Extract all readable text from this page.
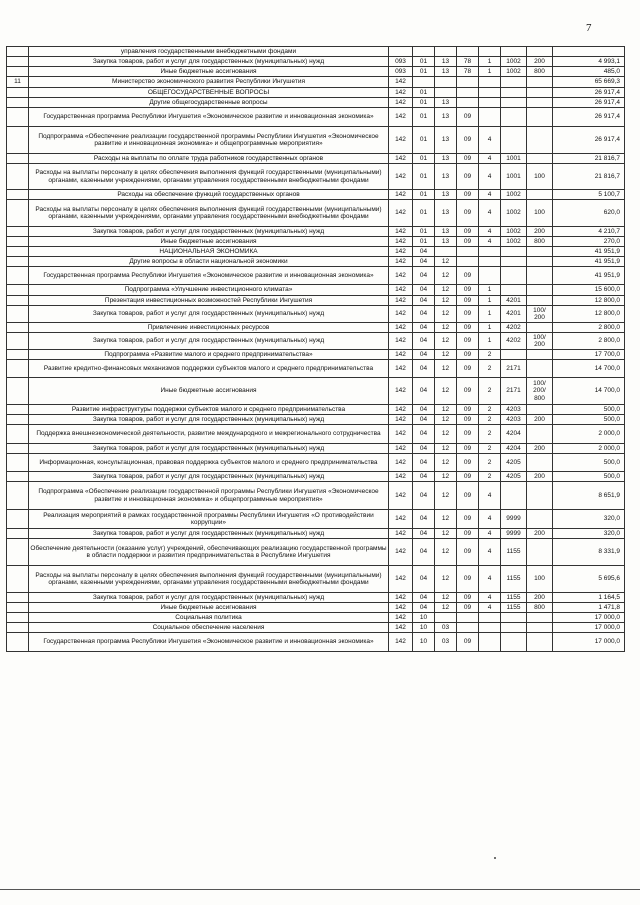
7
	управления государственными внебюджетными фондами								
	Закупка товаров, работ и услуг для государственных (муниципальных) нужд	093	01	13	78	1	1002	200	4 993,1
	Иные бюджетные ассигнования	093	01	13	78	1	1002	800	485,0
11	Министерство экономического развития Республики Ингушетия	142							65 669,3
	ОБЩЕГОСУДАРСТВЕННЫЕ ВОПРОСЫ	142	01						26 917,4
	Другие общегосударственные вопросы	142	01	13					26 917,4
	Государственная программа Республики Ингушетия «Экономическое развитие и инновационная экономика»	142	01	13	09				26 917,4
	Подпрограмма «Обеспечение реализации государственной программы Республики Ингушетия «Экономическое развитие и инновационная экономика» и общепрограммные мероприятия»	142	01	13	09	4			26 917,4
	Расходы на выплаты по оплате труда работников государственных органов	142	01	13	09	4	1001		21 816,7
	Расходы на выплаты персоналу в целях обеспечения выполнения функций государственными (муниципальными) органами, казенными учреждениями, органами управления государственными внебюджетными фондами	142	01	13	09	4	1001	100	21 816,7
	Расходы на обеспечение функций государственных органов	142	01	13	09	4	1002		5 100,7
	Расходы на выплаты персоналу в целях обеспечения выполнения функций государственными (муниципальными) органами, казенными учреждениями, органами управления государственными внебюджетными фондами	142	01	13	09	4	1002	100	620,0
	Закупка товаров, работ и услуг для государственных (муниципальных) нужд	142	01	13	09	4	1002	200	4 210,7
	Иные бюджетные ассигнования	142	01	13	09	4	1002	800	270,0
	НАЦИОНАЛЬНАЯ ЭКОНОМИКА	142	04						41 951,9
	Другие вопросы в области национальной экономики	142	04	12					41 951,9
	Государственная программа Республики Ингушетия «Экономическое развитие и инновационная экономика»	142	04	12	09				41 951,9
	Подпрограмма «Улучшение инвестиционного климата»	142	04	12	09	1			15 600,0
	Презентация инвестиционных возможностей Республики Ингушетия	142	04	12	09	1	4201		12 800,0
	Закупка товаров, работ и услуг для государственных (муниципальных) нужд	142	04	12	09	1	4201	100/ 200	12 800,0
	Привлечение инвестиционных ресурсов	142	04	12	09	1	4202		2 800,0
	Закупка товаров, работ и услуг для государственных (муниципальных) нужд	142	04	12	09	1	4202	100/ 200	2 800,0
	Подпрограмма «Развитие малого и среднего предпринимательства»	142	04	12	09	2			17 700,0
	Развитие кредитно-финансовых механизмов поддержки субъектов малого и среднего предпринимательства	142	04	12	09	2	2171		14 700,0
	Иные бюджетные ассигнования	142	04	12	09	2	2171	100/ 200/ 800	14 700,0
	Развитие инфраструктуры поддержки субъектов малого и среднего предпринимательства	142	04	12	09	2	4203		500,0
	Закупка товаров, работ и услуг для государственных (муниципальных) нужд	142	04	12	09	2	4203	200	500,0
	Поддержка внешнеэкономической деятельности, развитие международного и межрегионального сотрудничества	142	04	12	09	2	4204		2 000,0
	Закупка товаров, работ и услуг для государственных (муниципальных) нужд	142	04	12	09	2	4204	200	2 000,0
	Информационная, консультационная, правовая поддержка субъектов малого и среднего предпринимательства	142	04	12	09	2	4205		500,0
	Закупка товаров, работ и услуг для государственных (муниципальных) нужд	142	04	12	09	2	4205	200	500,0
	Подпрограмма «Обеспечение реализации государственной программы Республики Ингушетия «Экономическое развитие и инновационная экономика» и общепрограммные мероприятия»	142	04	12	09	4			8 651,9
	Реализация мероприятий в рамках государственной программы Республики Ингушетия «О противодействии коррупции»	142	04	12	09	4	9999		320,0
	Закупка товаров, работ и услуг для государственных (муниципальных) нужд	142	04	12	09	4	9999	200	320,0
	Обеспечение деятельности (оказание услуг) учреждений, обеспечивающих реализацию государственной программы в области поддержки и развития предпринимательства в Республике Ингушетия	142	04	12	09	4	1155		8 331,9
	Расходы на выплаты персоналу в целях обеспечения выполнения функций государственными (муниципальными) органами, казенными учреждениями, органами управления государственными внебюджетными фондами	142	04	12	09	4	1155	100	5 695,6
	Закупка товаров, работ и услуг для государственных (муниципальных) нужд	142	04	12	09	4	1155	200	1 164,5
	Иные бюджетные ассигнования	142	04	12	09	4	1155	800	1 471,8
	Социальная политика	142	10						17 000,0
	Социальное обеспечение населения	142	10	03					17 000,0
	Государственная программа Республики Ингушетия «Экономическое развитие и инновационная экономика»	142	10	03	09				17 000,0
